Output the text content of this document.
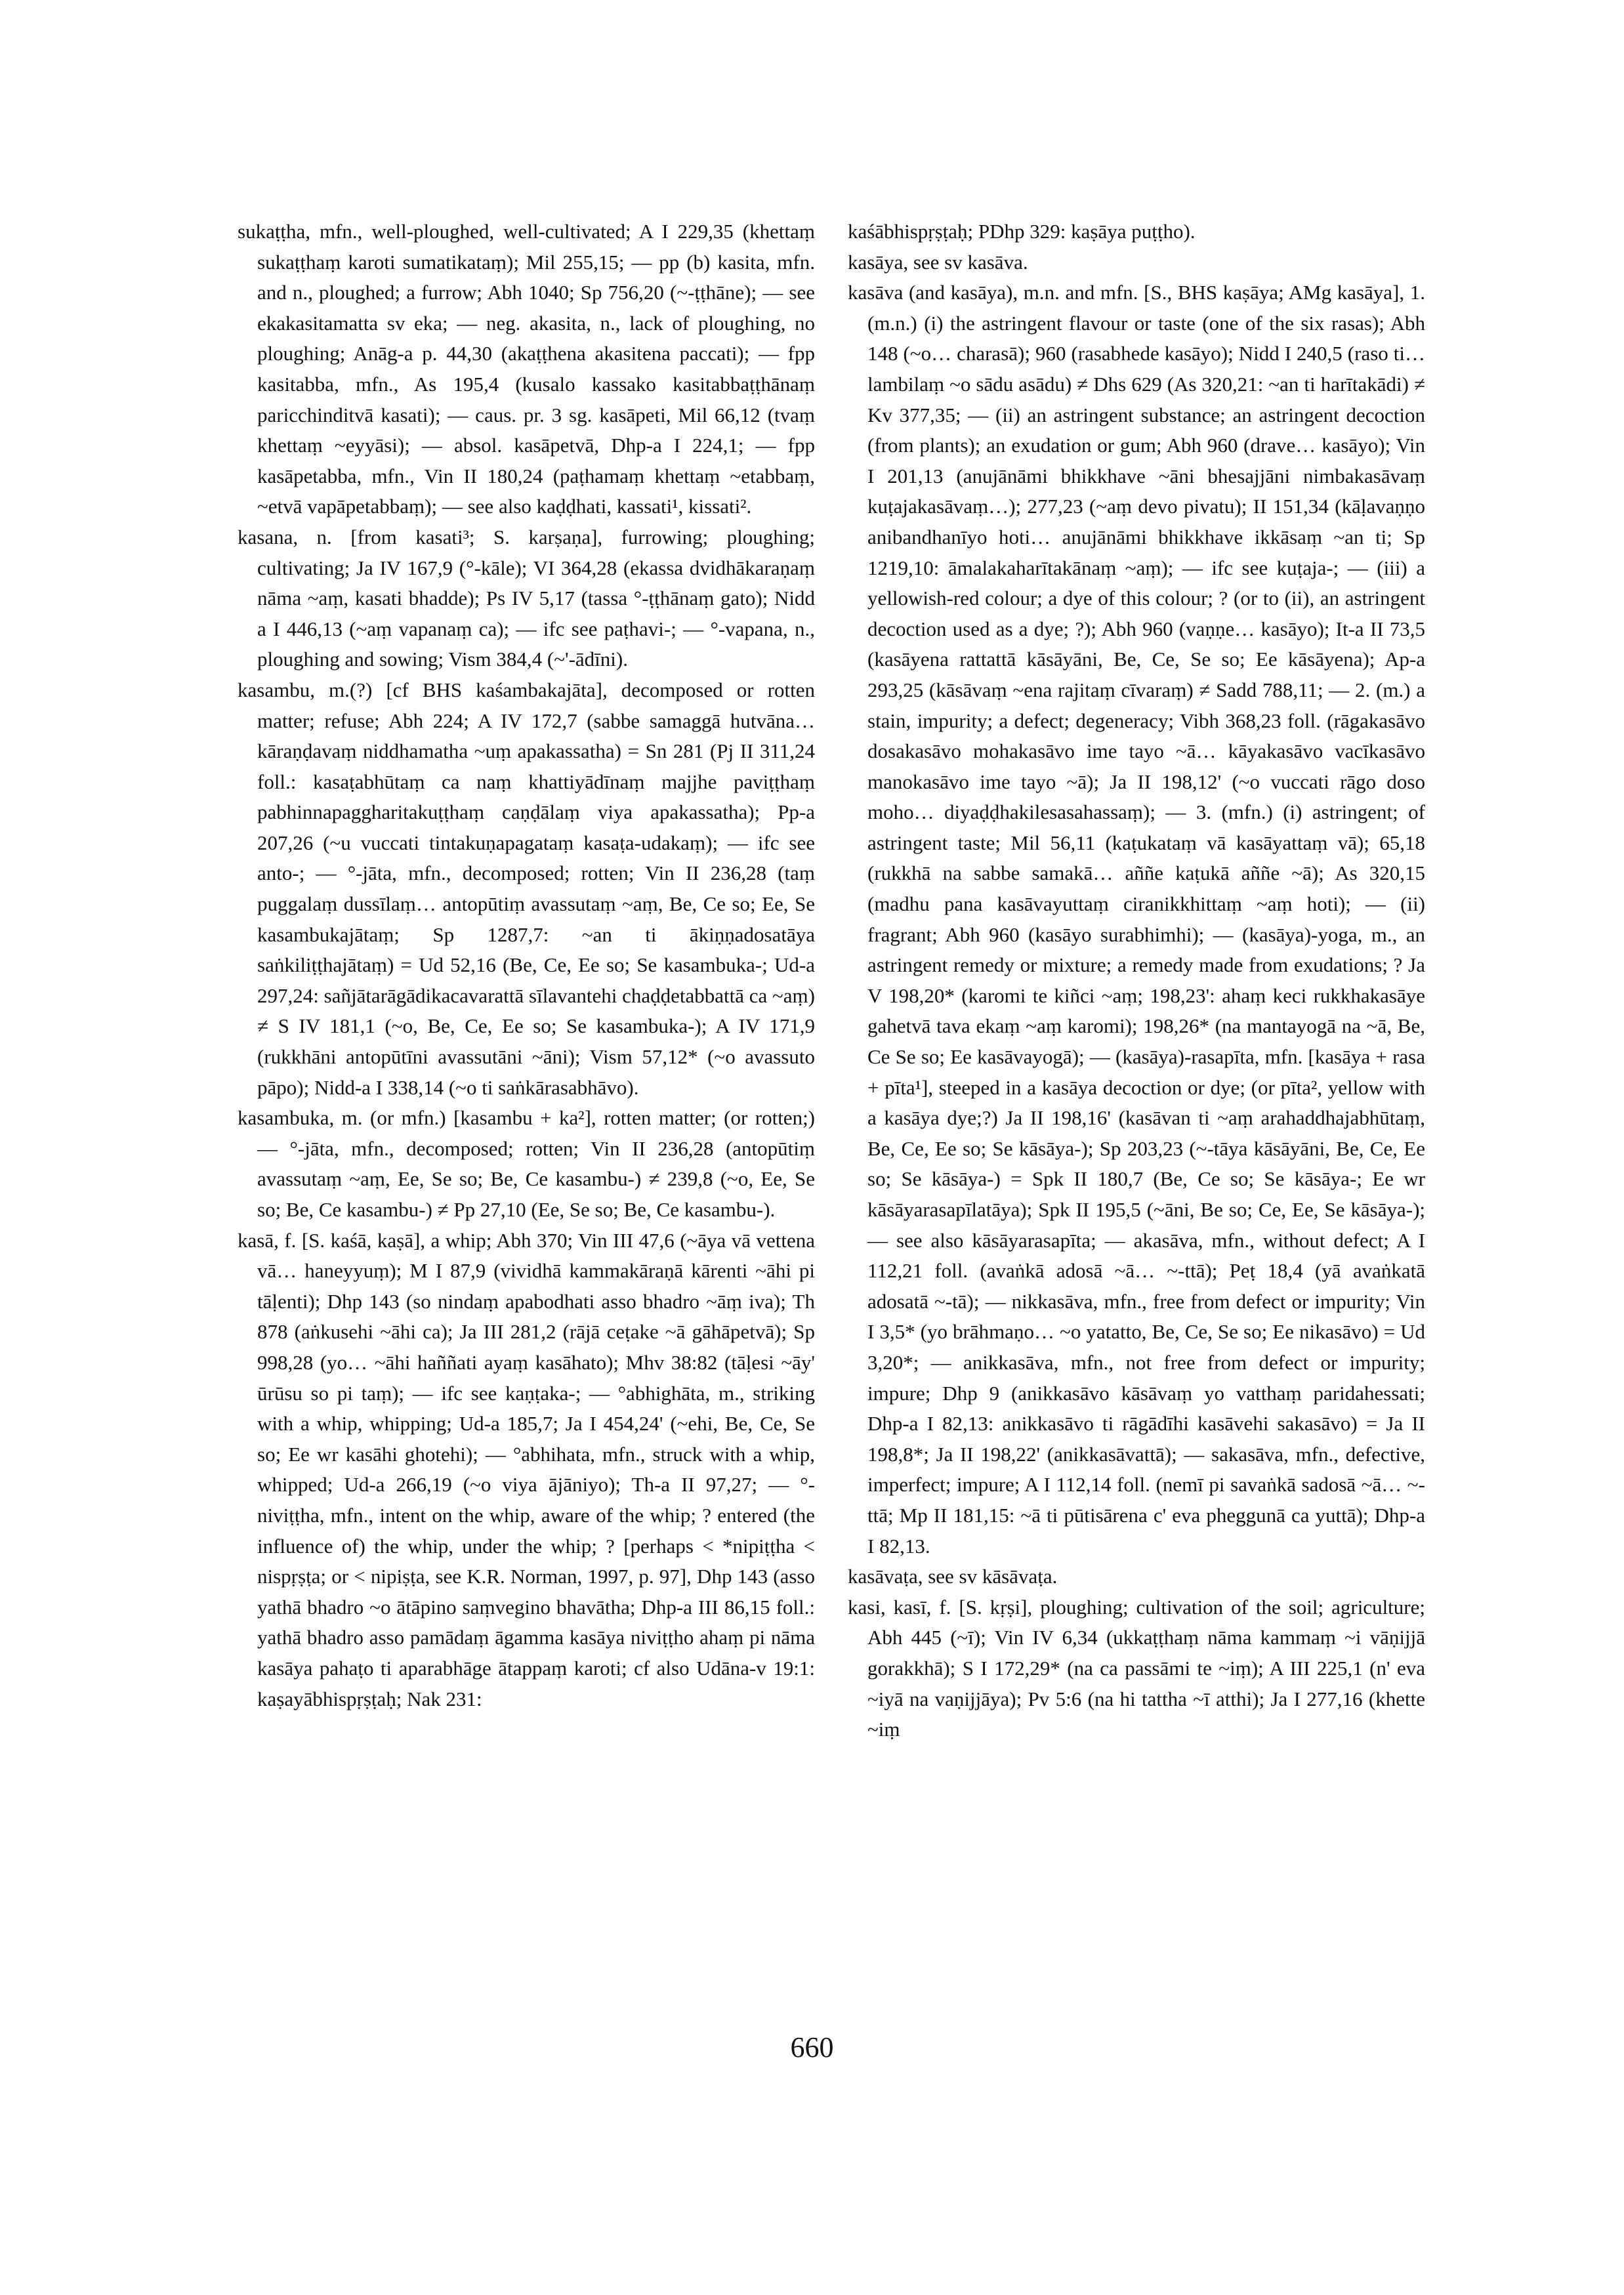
sukaṭṭha, mfn., well-ploughed, well-cultivated; A I 229,35 (khettaṃ sukaṭṭhaṃ karoti sumatikataṃ); Mil 255,15; — pp (b) kasita, mfn. and n., ploughed; a furrow; Abh 1040; Sp 756,20 (~-ṭṭhāne); — see ekakasitamatta sv eka; — neg. akasita, n., lack of ploughing, no ploughing; Anāg-a p. 44,30 (akaṭṭhena akasitena paccati); — fpp kasitabba, mfn., As 195,4 (kusalo kassako kasitabbaṭṭhānaṃ paricchinditvā kasati); — caus. pr. 3 sg. kasāpeti, Mil 66,12 (tvaṃ khettaṃ ~eyyāsi); — absol. kasāpetvā, Dhp-a I 224,1; — fpp kasāpetabba, mfn., Vin II 180,24 (paṭhamaṃ khettaṃ ~etabbaṃ, ~etvā vapāpetabbaṃ); — see also kaḍḍhati, kassati¹, kissati².

kasana, n. [from kasati³; S. karṣaṇa], furrowing; ploughing; cultivating; Ja IV 167,9 (°-kāle); VI 364,28 (ekassa dvidhākaraṇaṃ nāma ~aṃ, kasati bhadde); Ps IV 5,17 (tassa °-ṭṭhānaṃ gato); Nidd a I 446,13 (~aṃ vapanaṃ ca); — ifc see paṭhavi-; — °-vapana, n., ploughing and sowing; Vism 384,4 (~'-ādīni).

kasambu, m.(?) [cf BHS kaśambakajāta], decomposed or rotten matter; refuse; Abh 224; A IV 172,7 (sabbe samaggā hutvāna… kāraṇḍavaṃ niddhamatha ~uṃ apakassatha) = Sn 281 (Pj II 311,24 foll.: kasaṭabhūtaṃ ca naṃ khattiyādīnaṃ majjhe paviṭṭhaṃ pabhinnapaggharitakuṭṭhaṃ caṇḍālaṃ viya apakassatha); Pp-a 207,26 (~u vuccati tintakuṇapagataṃ kasaṭa-udakaṃ); — ifc see anto-; — °-jāta, mfn., decomposed; rotten; Vin II 236,28 (taṃ puggalaṃ dussīlaṃ… antopūtiṃ avassutaṃ ~aṃ, Be, Ce so; Ee, Se kasambukajātaṃ; Sp 1287,7: ~an ti ākiṇṇadosatāya saṅkiliṭṭhajātaṃ) = Ud 52,16 (Be, Ce, Ee so; Se kasambuka-; Ud-a 297,24: sañjātarāgādikacavarattā sīlavantehi chaḍḍetabbattā ca ~aṃ) ≠ S IV 181,1 (~o, Be, Ce, Ee so; Se kasambuka-); A IV 171,9 (rukkhāni antopūtīni avassutāni ~āni); Vism 57,12* (~o avassuto pāpo); Nidd-a I 338,14 (~o ti saṅkārasabhāvo).

kasambuka, m. (or mfn.) [kasambu + ka²], rotten matter; (or rotten;) — °-jāta, mfn., decomposed; rotten; Vin II 236,28 (antopūtiṃ avassutaṃ ~aṃ, Ee, Se so; Be, Ce kasambu-) ≠ 239,8 (~o, Ee, Se so; Be, Ce kasambu-) ≠ Pp 27,10 (Ee, Se so; Be, Ce kasambu-).

kasā, f. [S. kaśā, kaṣā], a whip; Abh 370; Vin III 47,6 (~āya vā vettena vā… haneyyuṃ); M I 87,9 (vividhā kammakāraṇā kārenti ~āhi pi tāḷenti); Dhp 143 (so nindaṃ apabodhati asso bhadro ~āṃ iva); Th 878 (aṅkusehi ~āhi ca); Ja III 281,2 (rājā ceṭake ~ā gāhāpetvā); Sp 998,28 (yo… ~āhi haññati ayaṃ kasāhato); Mhv 38:82 (tāḷesi ~āy' ūrūsu so pi taṃ); — ifc see kaṇṭaka-; — °abhighāta, m., striking with a whip, whipping; Ud-a 185,7; Ja I 454,24' (~ehi, Be, Ce, Se so; Ee wr kasāhi ghotehi); — °abhihata, mfn., struck with a whip, whipped; Ud-a 266,19 (~o viya ājāniyo); Th-a II 97,27; — °-niviṭṭha, mfn., intent on the whip, aware of the whip; ? entered (the influence of) the whip, under the whip; ? [perhaps < *nipiṭṭha < nispṛṣṭa; or < nipiṣṭa, see K.R. Norman, 1997, p. 97], Dhp 143 (asso yathā bhadro ~o ātāpino saṃvegino bhavātha; Dhp-a III 86,15 foll.: yathā bhadro asso pamādaṃ āgamma kasāya niviṭṭho ahaṃ pi nāma kasāya pahaṭo ti aparabhāge ātappaṃ karoti; cf also Udāna-v 19:1: kaṣayābhispṛṣṭaḥ; Nak 231:

kaśābhispṛṣṭaḥ; PDhp 329: kaṣāya puṭṭho).

kasāya, see sv kasāva.

kasāva (and kasāya), m.n. and mfn. [S., BHS kaṣāya; AMg kasāya], 1. (m.n.) (i) the astringent flavour or taste (one of the six rasas); Abh 148 (~o… charasā); 960 (rasabhede kasāyo); Nidd I 240,5 (raso ti… lambilaṃ ~o sādu asādu) ≠ Dhs 629 (As 320,21: ~an ti harītakādi) ≠ Kv 377,35; — (ii) an astringent substance; an astringent decoction (from plants); an exudation or gum; Abh 960 (drave… kasāyo); Vin I 201,13 (anujānāmi bhikkhave ~āni bhesajjāni nimbakasāvaṃ kuṭajakasāvaṃ…); 277,23 (~aṃ devo pivatu); II 151,34 (kāḷavaṇṇo anibandhanīyo hoti… anujānāmi bhikkhave ikkāsaṃ ~an ti; Sp 1219,10: āmalakaharītakānaṃ ~aṃ); — ifc see kuṭaja-; — (iii) a yellowish-red colour; a dye of this colour; ? (or to (ii), an astringent decoction used as a dye; ?); Abh 960 (vaṇṇe… kasāyo); It-a II 73,5 (kasāyena rattattā kāsāyāni, Be, Ce, Se so; Ee kāsāyena); Ap-a 293,25 (kāsāvaṃ ~ena rajitaṃ cīvaraṃ) ≠ Sadd 788,11; — 2. (m.) a stain, impurity; a defect; degeneracy; Vibh 368,23 foll. (rāgakasāvo dosakasāvo mohakasāvo ime tayo ~ā… kāyakasāvo vacīkasāvo manokasāvo ime tayo ~ā); Ja II 198,12' (~o vuccati rāgo doso moho… diyaḍḍhakilesasahassaṃ); — 3. (mfn.) (i) astringent; of astringent taste; Mil 56,11 (kaṭukataṃ vā kasāyattaṃ vā); 65,18 (rukkhā na sabbe samakā… aññe kaṭukā aññe ~ā); As 320,15 (madhu pana kasāvayuttaṃ ciranikkhittaṃ ~aṃ hoti); — (ii) fragrant; Abh 960 (kasāyo surabhimhi); — (kasāya)-yoga, m., an astringent remedy or mixture; a remedy made from exudations; ? Ja V 198,20* (karomi te kiñci ~aṃ; 198,23': ahaṃ keci rukkhakasāye gahetvā tava ekaṃ ~aṃ karomi); 198,26* (na mantayogā na ~ā, Be, Ce Se so; Ee kasāvayogā); — (kasāya)-rasapīta, mfn. [kasāya + rasa + pīta¹], steeped in a kasāya decoction or dye; (or pīta², yellow with a kasāya dye;?) Ja II 198,16' (kasāvan ti ~aṃ arahaddhajabhūtaṃ, Be, Ce, Ee so; Se kāsāya-); Sp 203,23 (~-tāya kāsāyāni, Be, Ce, Ee so; Se kāsāya-) = Spk II 180,7 (Be, Ce so; Se kāsāya-; Ee wr kāsāyarasapīlatāya); Spk II 195,5 (~āni, Be so; Ce, Ee, Se kāsāya-); — see also kāsāyarasapīta; — akasāva, mfn., without defect; A I 112,21 foll. (avaṅkā adosā ~ā… ~-ttā); Peṭ 18,4 (yā avaṅkatā adosatā ~-tā); — nikkasāva, mfn., free from defect or impurity; Vin I 3,5* (yo brāhmaṇo… ~o yatatto, Be, Ce, Se so; Ee nikasāvo) = Ud 3,20*; — anikkasāva, mfn., not free from defect or impurity; impure; Dhp 9 (anikkasāvo kāsāvaṃ yo vatthaṃ paridahessati; Dhp-a I 82,13: anikkasāvo ti rāgādīhi kasāvehi sakasāvo) = Ja II 198,8*; Ja II 198,22' (anikkasāvattā); — sakasāva, mfn., defective, imperfect; impure; A I 112,14 foll. (nemī pi savaṅkā sadosā ~ā… ~-ttā; Mp II 181,15: ~ā ti pūtisārena c' eva pheggunā ca yuttā); Dhp-a I 82,13.

kasāvaṭa, see sv kāsāvaṭa.

kasi, kasī, f. [S. kṛṣi], ploughing; cultivation of the soil; agriculture; Abh 445 (~ī); Vin IV 6,34 (ukkaṭṭhaṃ nāma kammaṃ ~i vāṇijjā gorakkhā); S I 172,29* (na ca passāmi te ~iṃ); A III 225,1 (n' eva ~iyā na vaṇijjāya); Pv 5:6 (na hi tattha ~ī atthi); Ja I 277,16 (khette ~iṃ

660
